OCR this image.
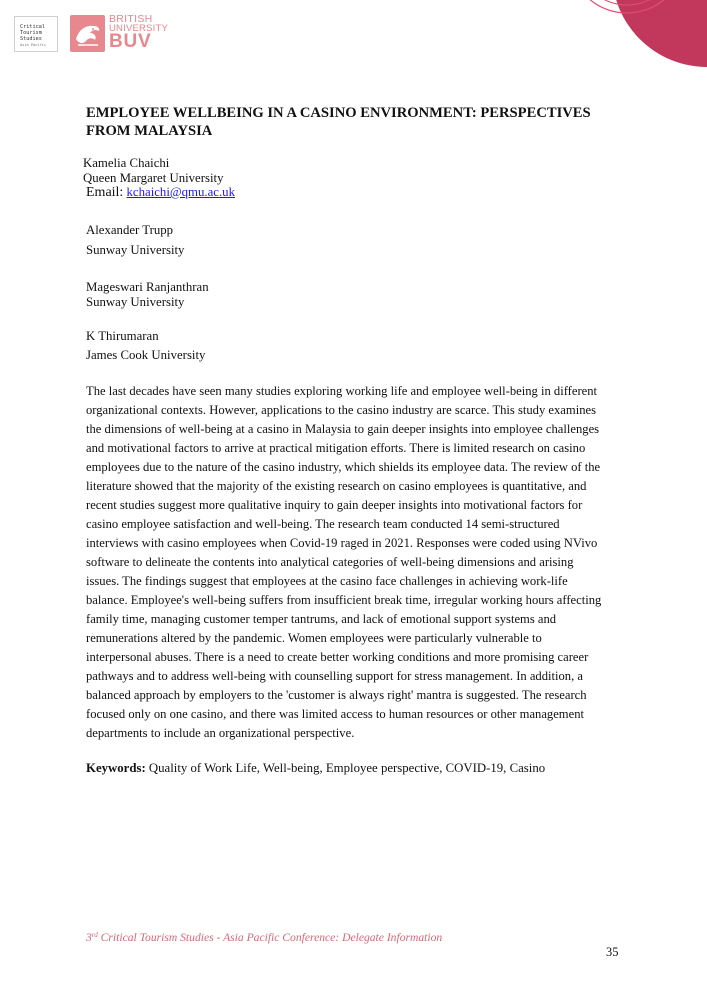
Critical
Tourism
Studies
Asia Pacific
BRITISH
UNIVERSITY
BUV
EMPLOYEE WELLBEING IN A CASINO ENVIRONMENT: PERSPECTIVES
FROM MALAYSIA
Kamelia Chaichi
Queen Margaret University
Email: kchaichi@qmu.ac.uk
Alexander Trupp
Sunway University
Mageswari Ranjanthran
Sunway University
K Thirumaran
James Cook University
The last decades have seen many studies exploring working life and employee well-being in different
organizational contexts. However, applications to the casino industry are scarce. This study examines
the dimensions of well-being at a casino in Malaysia to gain deeper insights into employee challenges
and motivational factors to arrive at practical mitigation efforts. There is limited research on casino
employees due to the nature of the casino industry, which shields its employee data. The review of the
literature showed that the majority of the existing research on casino employees is quantitative, and
recent studies suggest more qualitative inquiry to gain deeper insights into motivational factors for
casino employee satisfaction and well-being. The research team conducted 14 semi-structured
interviews with casino employees when Covid-19 raged in 2021. Responses were coded using NVivo
software to delineate the contents into analytical categories of well-being dimensions and arising
issues. The findings suggest that employees at the casino face challenges in achieving work-life
balance. Employee's well-being suffers from insufficient break time, irregular working hours affecting
family time, managing customer temper tantrums, and lack of emotional support systems and
remunerations altered by the pandemic. Women employees were particularly vulnerable to
interpersonal abuses. There is a need to create better working conditions and more promising career
pathways and to address well-being with counselling support for stress management. In addition, a
balanced approach by employers to the 'customer is always right' mantra is suggested. The research
focused only on one casino, and there was limited access to human resources or other management
departments to include an organizational perspective.
Keywords: Quality of Work Life, Well-being, Employee perspective, COVID-19, Casino
3rd Critical Tourism Studies - Asia Pacific Conference: Delegate Information
35
